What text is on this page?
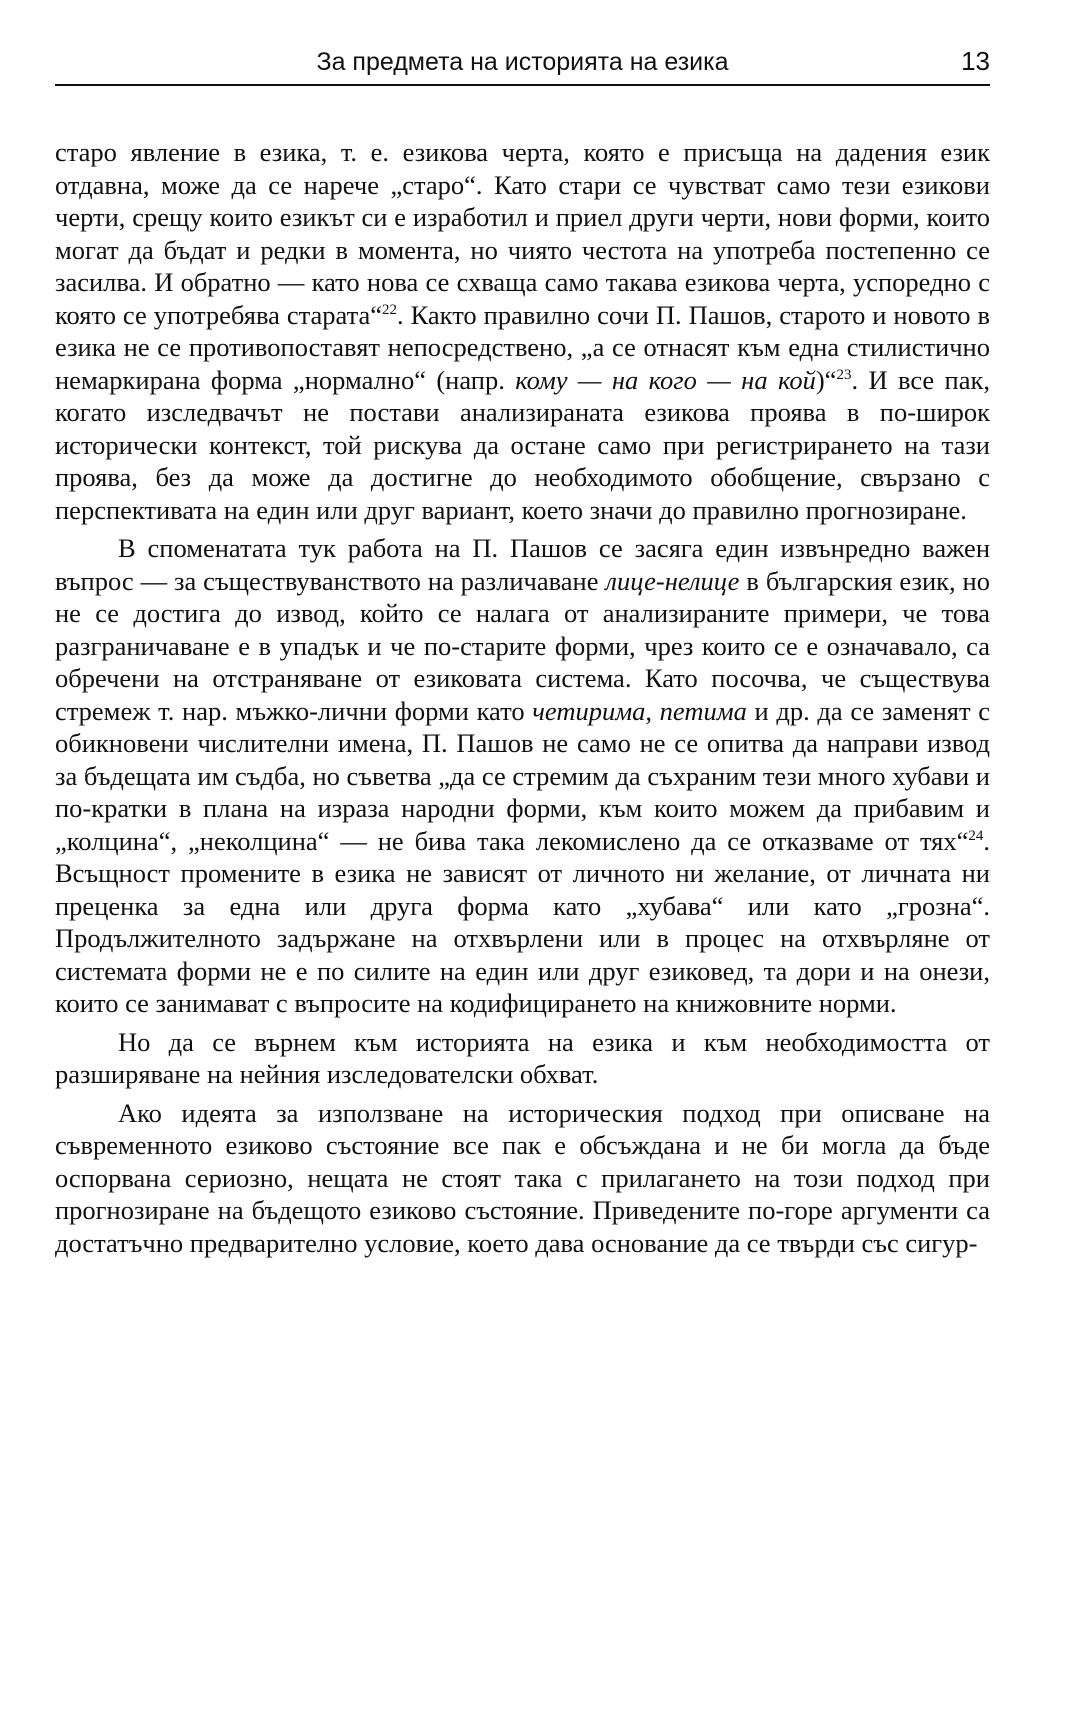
За предмета на историята на езика	13

старо явление в езика, т. е. езикова черта, която е присъща на дадения език отдавна, може да се нарече „старо“. Като стари се чувстват само тези езикови черти, срещу които езикът си е изработил и приел други черти, нови форми, които могат да бъдат и редки в момента, но чиято честота на употреба постепенно се засилва. И обратно — като нова се схваща само такава езикова черта, успоредно с която се употребява старата“$^{22}$. Както правилно сочи П. Пашов, старото и новото в езика не се противопоставят непосредствено, „а се отнасят към една стилистично немаркирана форма „нормално“ (напр. кому — на кого — на кой)“$^{23}$. И все пак, когато изследвачът не постави анализираната езикова проява в по-широк исторически контекст, той рискува да остане само при регистрирането на тази проява, без да може да достигне до необходимото обобщение, свързано с перспективата на един или друг вариант, което значи до правилно прогнозиране.

В споменатата тук работа на П. Пашов се засяга един извънредно важен въпрос — за съществуванството на различаване лице-нелице в българския език, но не се достига до извод, който се налага от анализираните примери, че това разграничаване е в упадък и че по-старите форми, чрез които се е означавало, са обречени на отстраняване от езиковата система. Като посочва, че съществува стремеж т. нар. мъжко-лични форми като четирима, петима и др. да се заменят с обикновени числителни имена, П. Пашов не само не се опитва да направи извод за бъдещата им съдба, но съветва „да се стремим да съхраним тези много хубави и по-кратки в плана на израза народни форми, към които можем да прибавим и „колцина“, „неколцина“ — не бива така лекомислено да се отказваме от тях“$^{24}$. Всъщност промените в езика не зависят от личното ни желание, от личната ни преценка за една или друга форма като „хубава“ или като „грозна“. Продължителното задържане на отхвърлени или в процес на отхвърляне от системата форми не е по силите на един или друг езиковед, та дори и на онези, които се занимават с въпросите на кодифицирането на книжовните норми.

Но да се върнем към историята на езика и към необходимостта от разширяване на нейния изследователски обхват.

Ако идеята за използване на историческия подход при описване на съвременното езиково състояние все пак е обсъждана и не би могла да бъде оспорвана сериозно, нещата не стоят така с прилагането на този подход при прогнозиране на бъдещото езиково състояние. Приведените по-горе аргументи са достатъчно предварително условие, което дава основание да се твърди със сигур-
